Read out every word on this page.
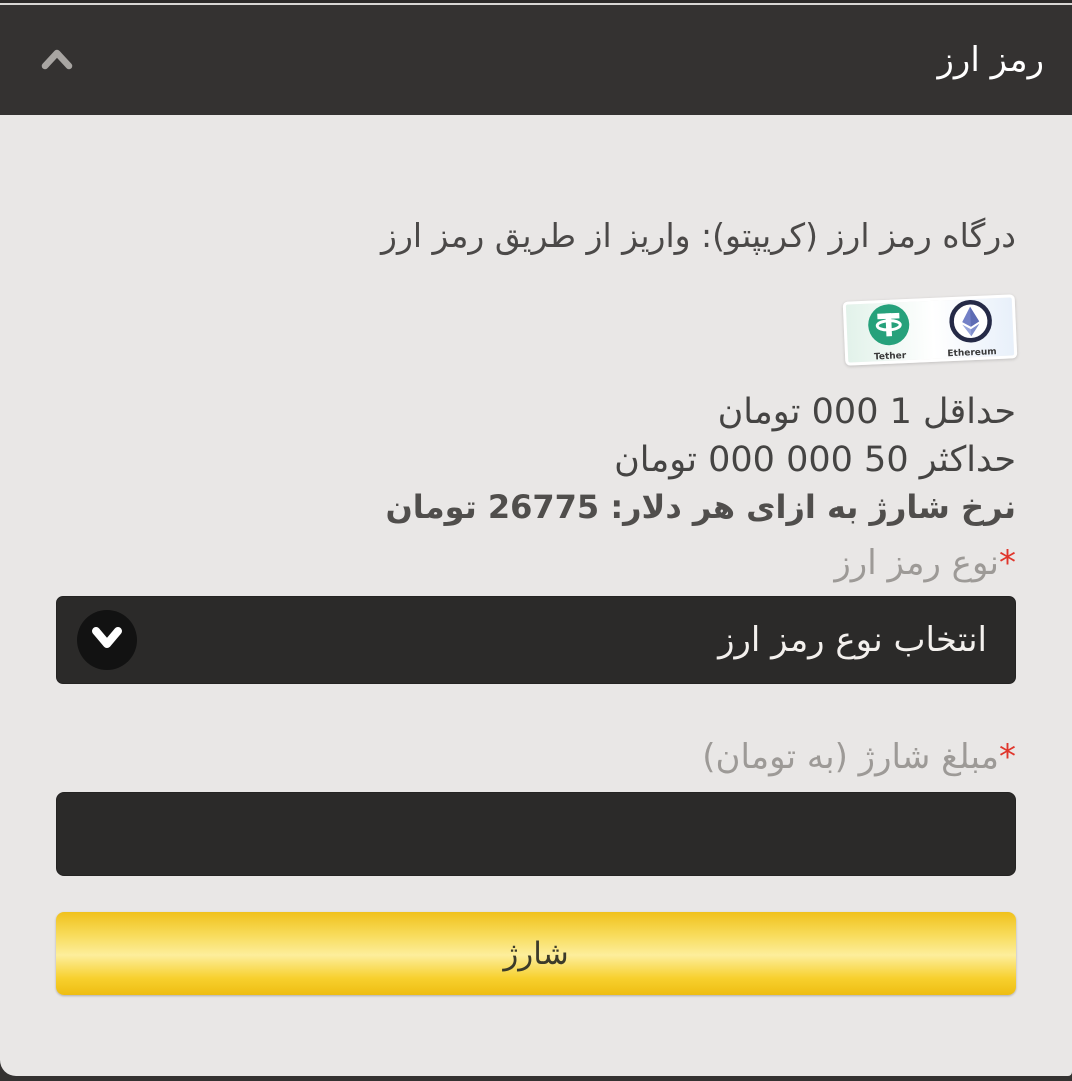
رمز ارز
درگاه رمز ارز (کریپتو): واریز از طریق رمز ارز
Tether	Ethereum
حداقل 1 000 تومان
حداکثر 50 000 000 تومان
نرخ شارژ به ازای هر دلار: 26775 تومان
*نوع رمز ارز
انتخاب نوع رمز ارز
*مبلغ شارژ (به تومان)
شارژ
